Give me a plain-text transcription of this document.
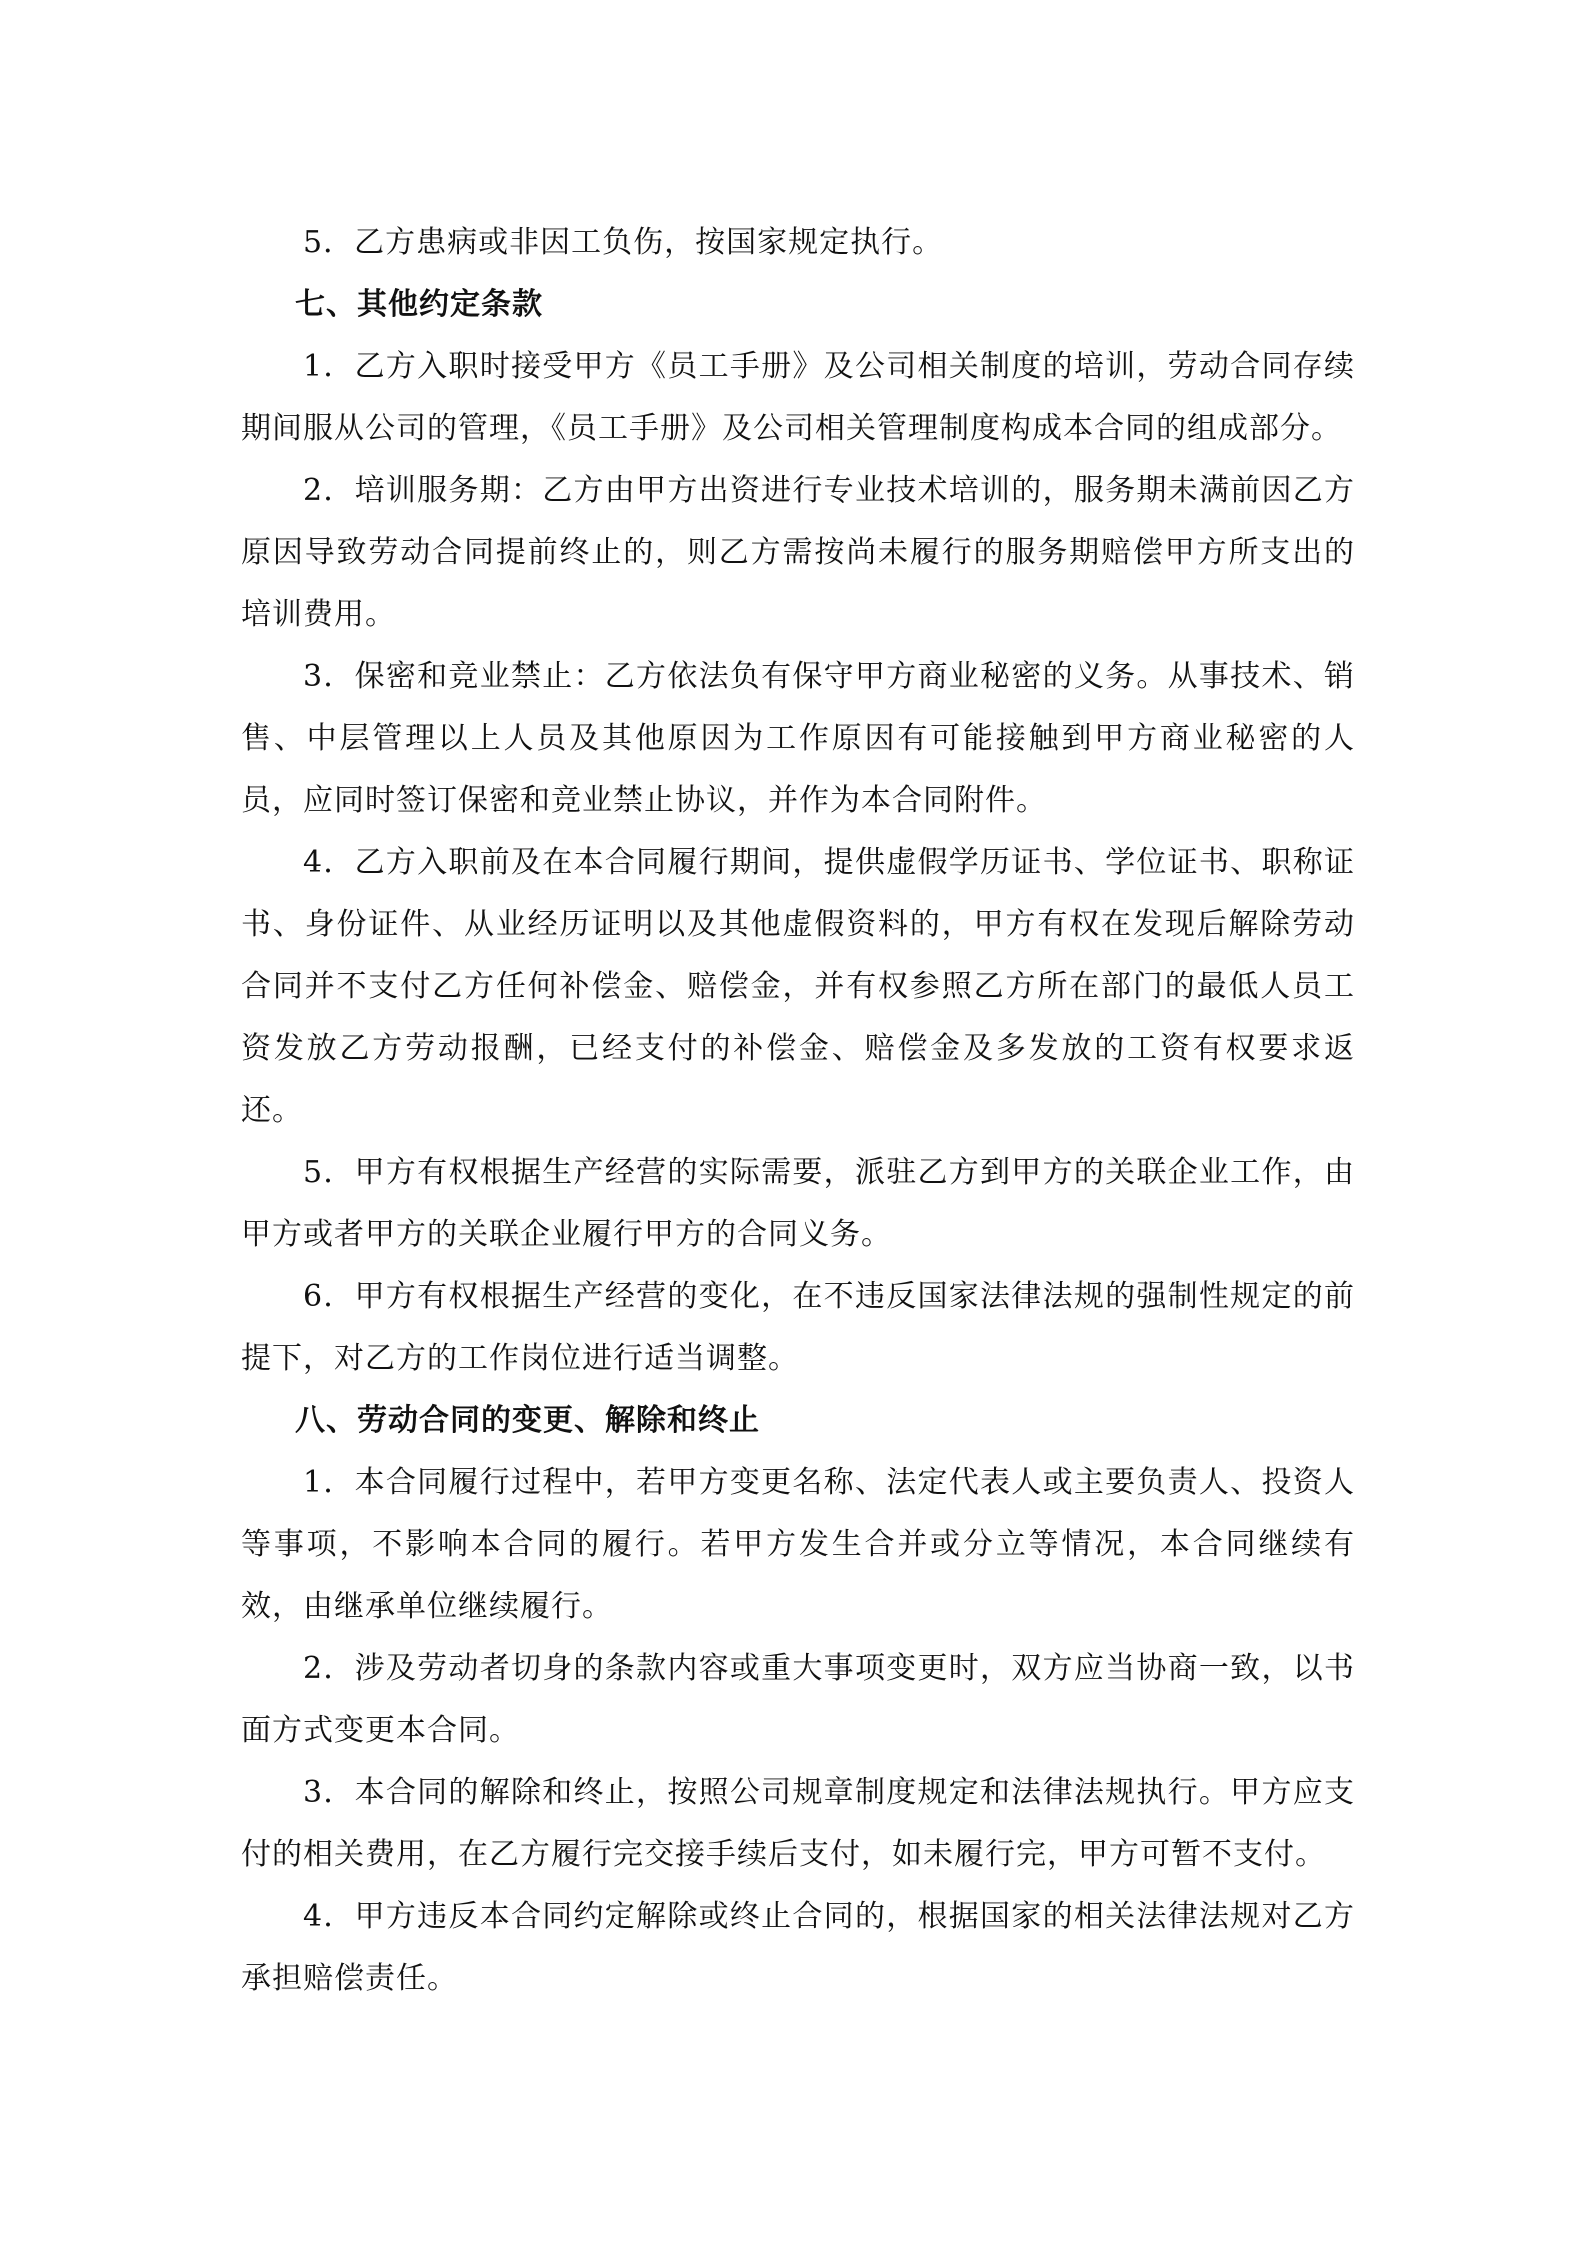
5．乙方患病或非因工负伤，按国家规定执行。

七、其他约定条款

1．乙方入职时接受甲方《员工手册》及公司相关制度的培训，劳动合同存续期间服从公司的管理，《员工手册》及公司相关管理制度构成本合同的组成部分。

2．培训服务期：乙方由甲方出资进行专业技术培训的，服务期未满前因乙方原因导致劳动合同提前终止的，则乙方需按尚未履行的服务期赔偿甲方所支出的培训费用。

3．保密和竞业禁止：乙方依法负有保守甲方商业秘密的义务。从事技术、销售、中层管理以上人员及其他原因为工作原因有可能接触到甲方商业秘密的人员，应同时签订保密和竞业禁止协议，并作为本合同附件。

4．乙方入职前及在本合同履行期间，提供虚假学历证书、学位证书、职称证书、身份证件、从业经历证明以及其他虚假资料的，甲方有权在发现后解除劳动合同并不支付乙方任何补偿金、赔偿金，并有权参照乙方所在部门的最低人员工资发放乙方劳动报酬，已经支付的补偿金、赔偿金及多发放的工资有权要求返还。

5．甲方有权根据生产经营的实际需要，派驻乙方到甲方的关联企业工作，由甲方或者甲方的关联企业履行甲方的合同义务。

6．甲方有权根据生产经营的变化，在不违反国家法律法规的强制性规定的前提下，对乙方的工作岗位进行适当调整。

八、劳动合同的变更、解除和终止

1．本合同履行过程中，若甲方变更名称、法定代表人或主要负责人、投资人等事项，不影响本合同的履行。若甲方发生合并或分立等情况，本合同继续有效，由继承单位继续履行。

2．涉及劳动者切身的条款内容或重大事项变更时，双方应当协商一致，以书面方式变更本合同。

3．本合同的解除和终止，按照公司规章制度规定和法律法规执行。甲方应支付的相关费用，在乙方履行完交接手续后支付，如未履行完，甲方可暂不支付。

4．甲方违反本合同约定解除或终止合同的，根据国家的相关法律法规对乙方承担赔偿责任。
